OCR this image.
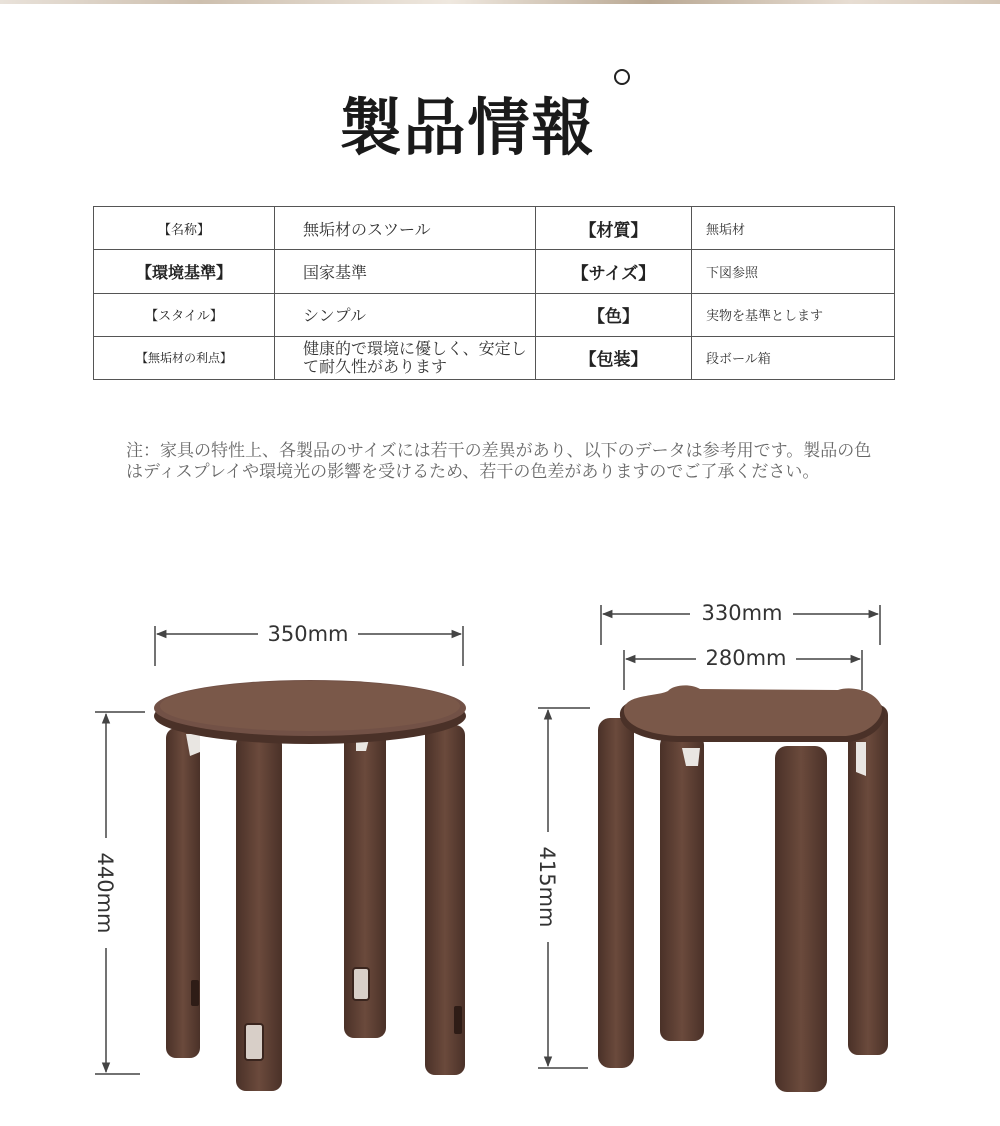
製品情報
【名称】	無垢材のスツール	【材質】	無垢材
【環境基準】	国家基準	【サイズ】	下図参照
【スタイル】	シンプル	【色】	実物を基準とします
【無垢材の利点】	健康的で環境に優しく、安定して耐久性があります	【包装】	段ボール箱
注：家具の特性上、各製品のサイズには若干の差異があり、以下のデータは参考用です。製品の色はディスプレイや環境光の影響を受けるため、若干の色差がありますのでご了承ください。
350mm
440mm
330mm
280mm
415mm
